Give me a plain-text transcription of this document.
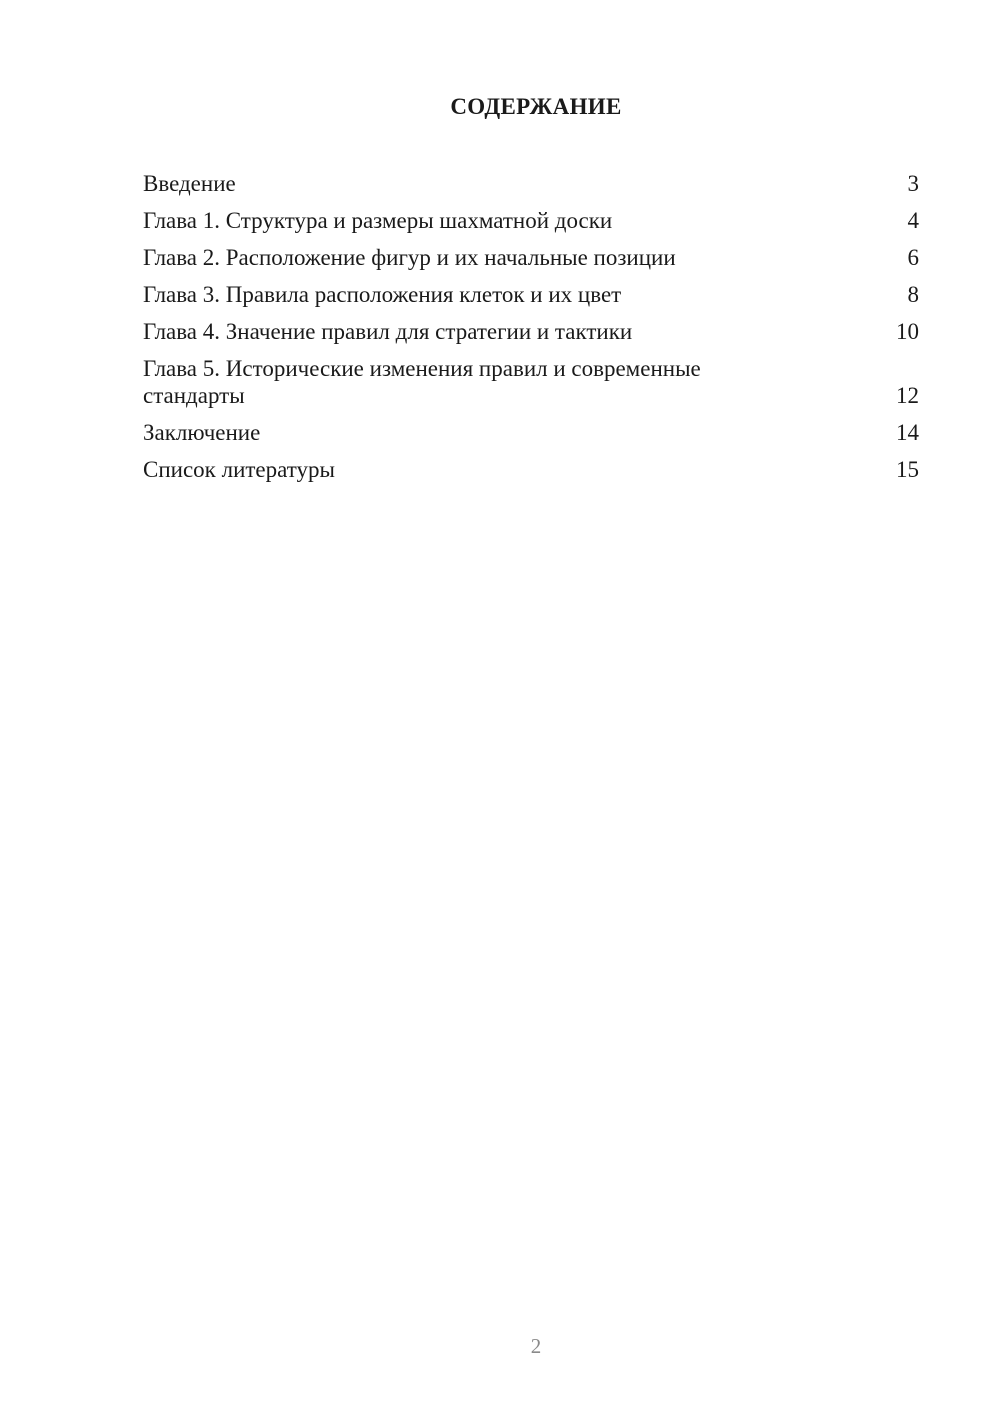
СОДЕРЖАНИЕ
Введение	3
Глава 1. Структура и размеры шахматной доски	4
Глава 2. Расположение фигур и их начальные позиции	6
Глава 3. Правила расположения клеток и их цвет	8
Глава 4. Значение правил для стратегии и тактики	10
Глава 5. Исторические изменения правил и современные стандарты	12
Заключение	14
Список литературы	15
2
